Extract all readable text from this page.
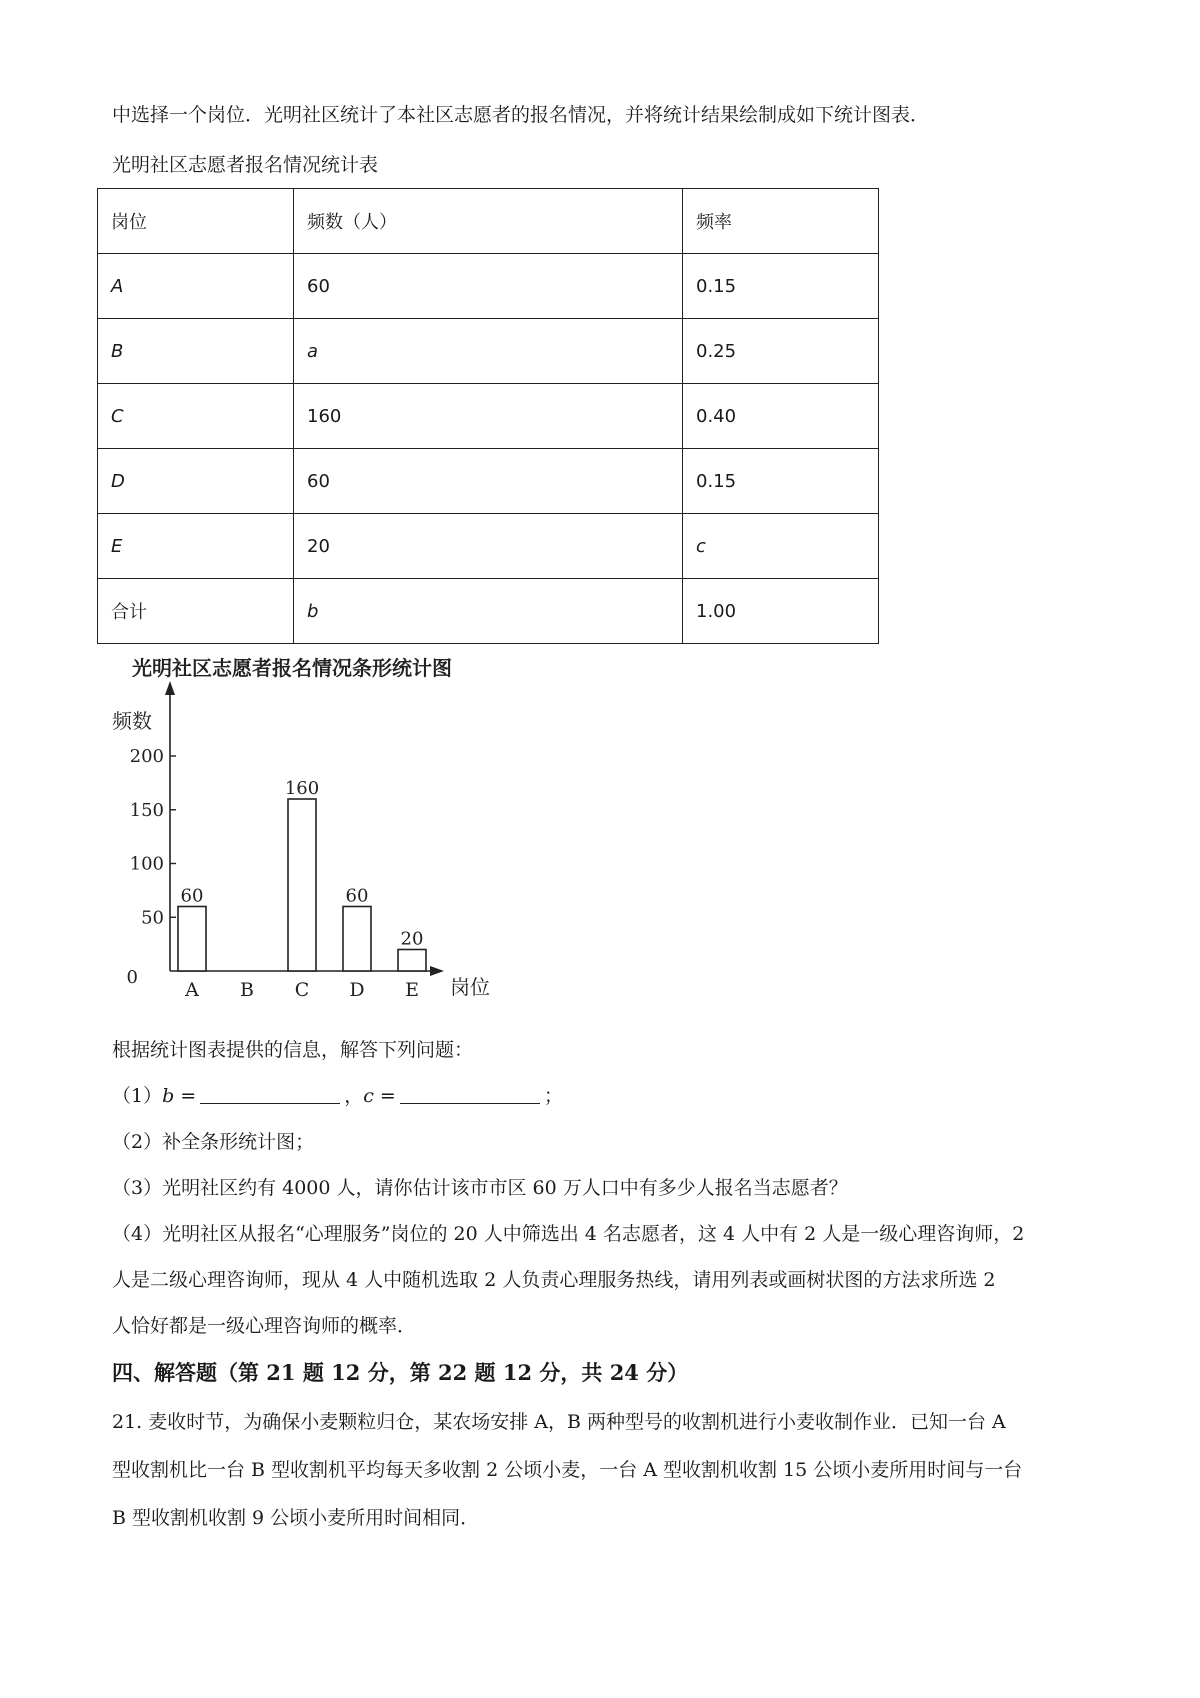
中选择一个岗位．光明社区统计了本社区志愿者的报名情况，并将统计结果绘制成如下统计图表．
光明社区志愿者报名情况统计表
岗位	频数（人）	频率
A	60	0.15
B	a	0.25
C	160	0.40
D	60	0.15
E	20	c
合计	b	1.00
光明社区志愿者报名情况条形统计图
频数
岗位
0
50
100
150
200
A
60
B C
160
D
60
E
20
根据统计图表提供的信息，解答下列问题：
（1）b =	，c =	；
（2）补全条形统计图；
（3）光明社区约有 4000 人，请你估计该市市区 60 万人口中有多少人报名当志愿者？
（4）光明社区从报名“心理服务”岗位的 20 人中筛选出 4 名志愿者，这 4 人中有 2 人是一级心理咨询师，2
人是二级心理咨询师，现从 4 人中随机选取 2 人负责心理服务热线，请用列表或画树状图的方法求所选 2
人恰好都是一级心理咨询师的概率．
四、解答题（第 21 题 12 分，第 22 题 12 分，共 24 分）
21. 麦收时节，为确保小麦颗粒归仓，某农场安排 A，B 两种型号的收割机进行小麦收制作业．已知一台 A
型收割机比一台 B 型收割机平均每天多收割 2 公顷小麦，一台 A 型收割机收割 15 公顷小麦所用时间与一台
B 型收割机收割 9 公顷小麦所用时间相同．
